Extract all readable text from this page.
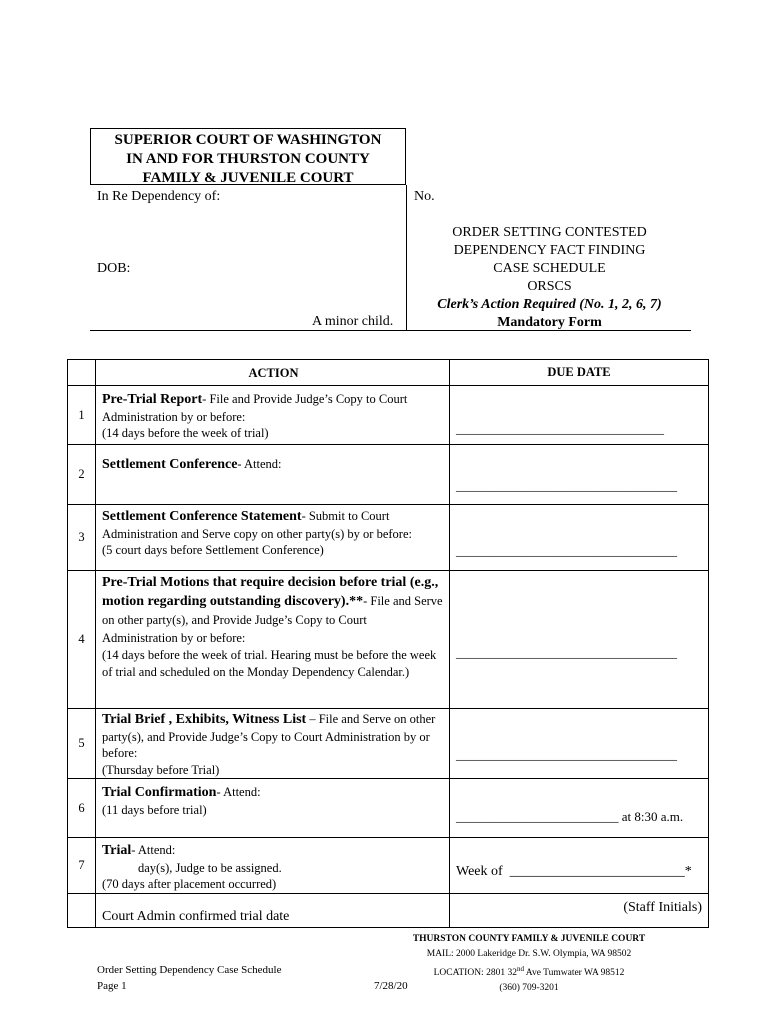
SUPERIOR COURT OF WASHINGTON
IN AND FOR THURSTON COUNTY
FAMILY & JUVENILE COURT
In Re Dependency of:
DOB:
A minor child.
No.
ORDER SETTING CONTESTED
DEPENDENCY FACT FINDING
CASE SCHEDULE
ORSCS
Clerk’s Action Required (No. 1, 2, 6, 7)
Mandatory Form
	ACTION	DUE DATE
1	Pre-Trial Report- File and Provide Judge’s Copy to Court Administration by or before:
(14 days before the week of trial)	________________________________

2	Settlement Conference- Attend:	__________________________________

3	Settlement Conference Statement- Submit to Court Administration and Serve copy on other party(s) by or before:
(5 court days before Settlement Conference)	__________________________________

4	Pre-Trial Motions that require decision before trial (e.g., motion regarding outstanding discovery).**- File and Serve on other party(s), and Provide Judge’s Copy to Court Administration by or before:
(14 days before the week of trial. Hearing must be before the week of trial and scheduled on the Monday Dependency Calendar.)	__________________________________

5	Trial Brief , Exhibits, Witness List – File and Serve on other party(s), and Provide Judge’s Copy to Court Administration by or before:
(Thursday before Trial)	__________________________________

6	Trial Confirmation- Attend:
(11 days before trial)	_________________________ at 8:30 a.m.

7	Trial- Attend:
day(s), Judge to be assigned.
(70 days after placement occurred)	Week of _________________________*

	Court Admin confirmed trial date	(Staff Initials)
Order Setting Dependency Case Schedule
Page 1	7/28/20
THURSTON COUNTY FAMILY & JUVENILE COURT
MAIL: 2000 Lakeridge Dr. S.W. Olympia, WA 98502
LOCATION: 2801 32nd Ave Tumwater WA 98512
(360) 709-3201
